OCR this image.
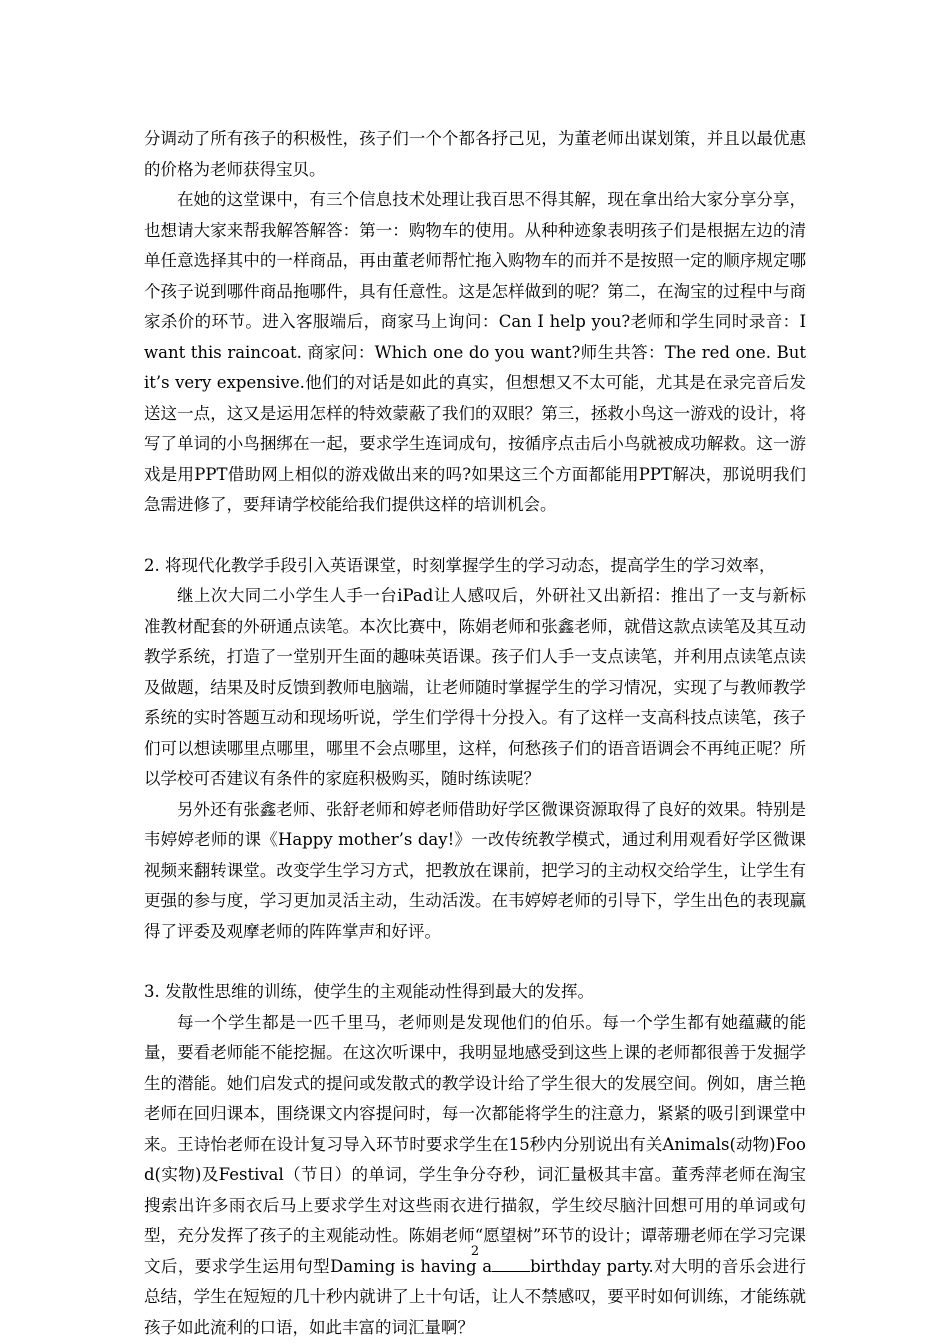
分调动了所有孩子的积极性，孩子们一个个都各抒己见，为董老师出谋划策，并且以最优惠的价格为老师获得宝贝。

在她的这堂课中，有三个信息技术处理让我百思不得其解，现在拿出给大家分享分享，也想请大家来帮我解答解答：第一：购物车的使用。从种种迹象表明孩子们是根据左边的清单任意选择其中的一样商品，再由董老师帮忙拖入购物车的而并不是按照一定的顺序规定哪个孩子说到哪件商品拖哪件，具有任意性。这是怎样做到的呢？第二，在淘宝的过程中与商家杀价的环节。进入客服端后，商家马上询问：Can I help you?老师和学生同时录音：I want this raincoat. 商家问：Which one do you want?师生共答：The red one. But it’s very expensive.他们的对话是如此的真实，但想想又不太可能，尤其是在录完音后发送这一点，这又是运用怎样的特效蒙蔽了我们的双眼？第三，拯救小鸟这一游戏的设计，将写了单词的小鸟捆绑在一起，要求学生连词成句，按循序点击后小鸟就被成功解救。这一游戏是用PPT借助网上相似的游戏做出来的吗?如果这三个方面都能用PPT解决，那说明我们急需进修了，要拜请学校能给我们提供这样的培训机会。

2. 将现代化教学手段引入英语课堂，时刻掌握学生的学习动态，提高学生的学习效率，

继上次大同二小学生人手一台iPad让人感叹后，外研社又出新招：推出了一支与新标准教材配套的外研通点读笔。本次比赛中，陈娟老师和张鑫老师，就借这款点读笔及其互动教学系统，打造了一堂别开生面的趣味英语课。孩子们人手一支点读笔，并利用点读笔点读及做题，结果及时反馈到教师电脑端，让老师随时掌握学生的学习情况，实现了与教师教学系统的实时答题互动和现场听说，学生们学得十分投入。有了这样一支高科技点读笔，孩子们可以想读哪里点哪里，哪里不会点哪里，这样，何愁孩子们的语音语调会不再纯正呢？所以学校可否建议有条件的家庭积极购买，随时练读呢？

另外还有张鑫老师、张舒老师和婷老师借助好学区微课资源取得了良好的效果。特别是韦婷婷老师的课《Happy mother’s day!》一改传统教学模式，通过利用观看好学区微课视频来翻转课堂。改变学生学习方式，把教放在课前，把学习的主动权交给学生，让学生有更强的参与度，学习更加灵活主动，生动活泼。在韦婷婷老师的引导下，学生出色的表现赢得了评委及观摩老师的阵阵掌声和好评。

3. 发散性思维的训练，使学生的主观能动性得到最大的发挥。

每一个学生都是一匹千里马，老师则是发现他们的伯乐。每一个学生都有她蕴藏的能量，要看老师能不能挖掘。在这次听课中，我明显地感受到这些上课的老师都很善于发掘学生的潜能。她们启发式的提问或发散式的教学设计给了学生很大的发展空间。例如，唐兰艳老师在回归课本，围绕课文内容提问时，每一次都能将学生的注意力，紧紧的吸引到课堂中来。王诗怡老师在设计复习导入环节时要求学生在15秒内分别说出有关Animals(动物)Food(实物)及Festival（节日）的单词，学生争分夺秒，词汇量极其丰富。董秀萍老师在淘宝搜索出许多雨衣后马上要求学生对这些雨衣进行描叙，学生绞尽脑汁回想可用的单词或句型，充分发挥了孩子的主观能动性。陈娟老师“愿望树”环节的设计；谭蒂珊老师在学习完课文后，要求学生运用句型Daming is having a birthday party.对大明的音乐会进行总结，学生在短短的几十秒内就讲了上十句话，让人不禁感叹，要平时如何训练，才能练就孩子如此流利的口语，如此丰富的词汇量啊？

2
